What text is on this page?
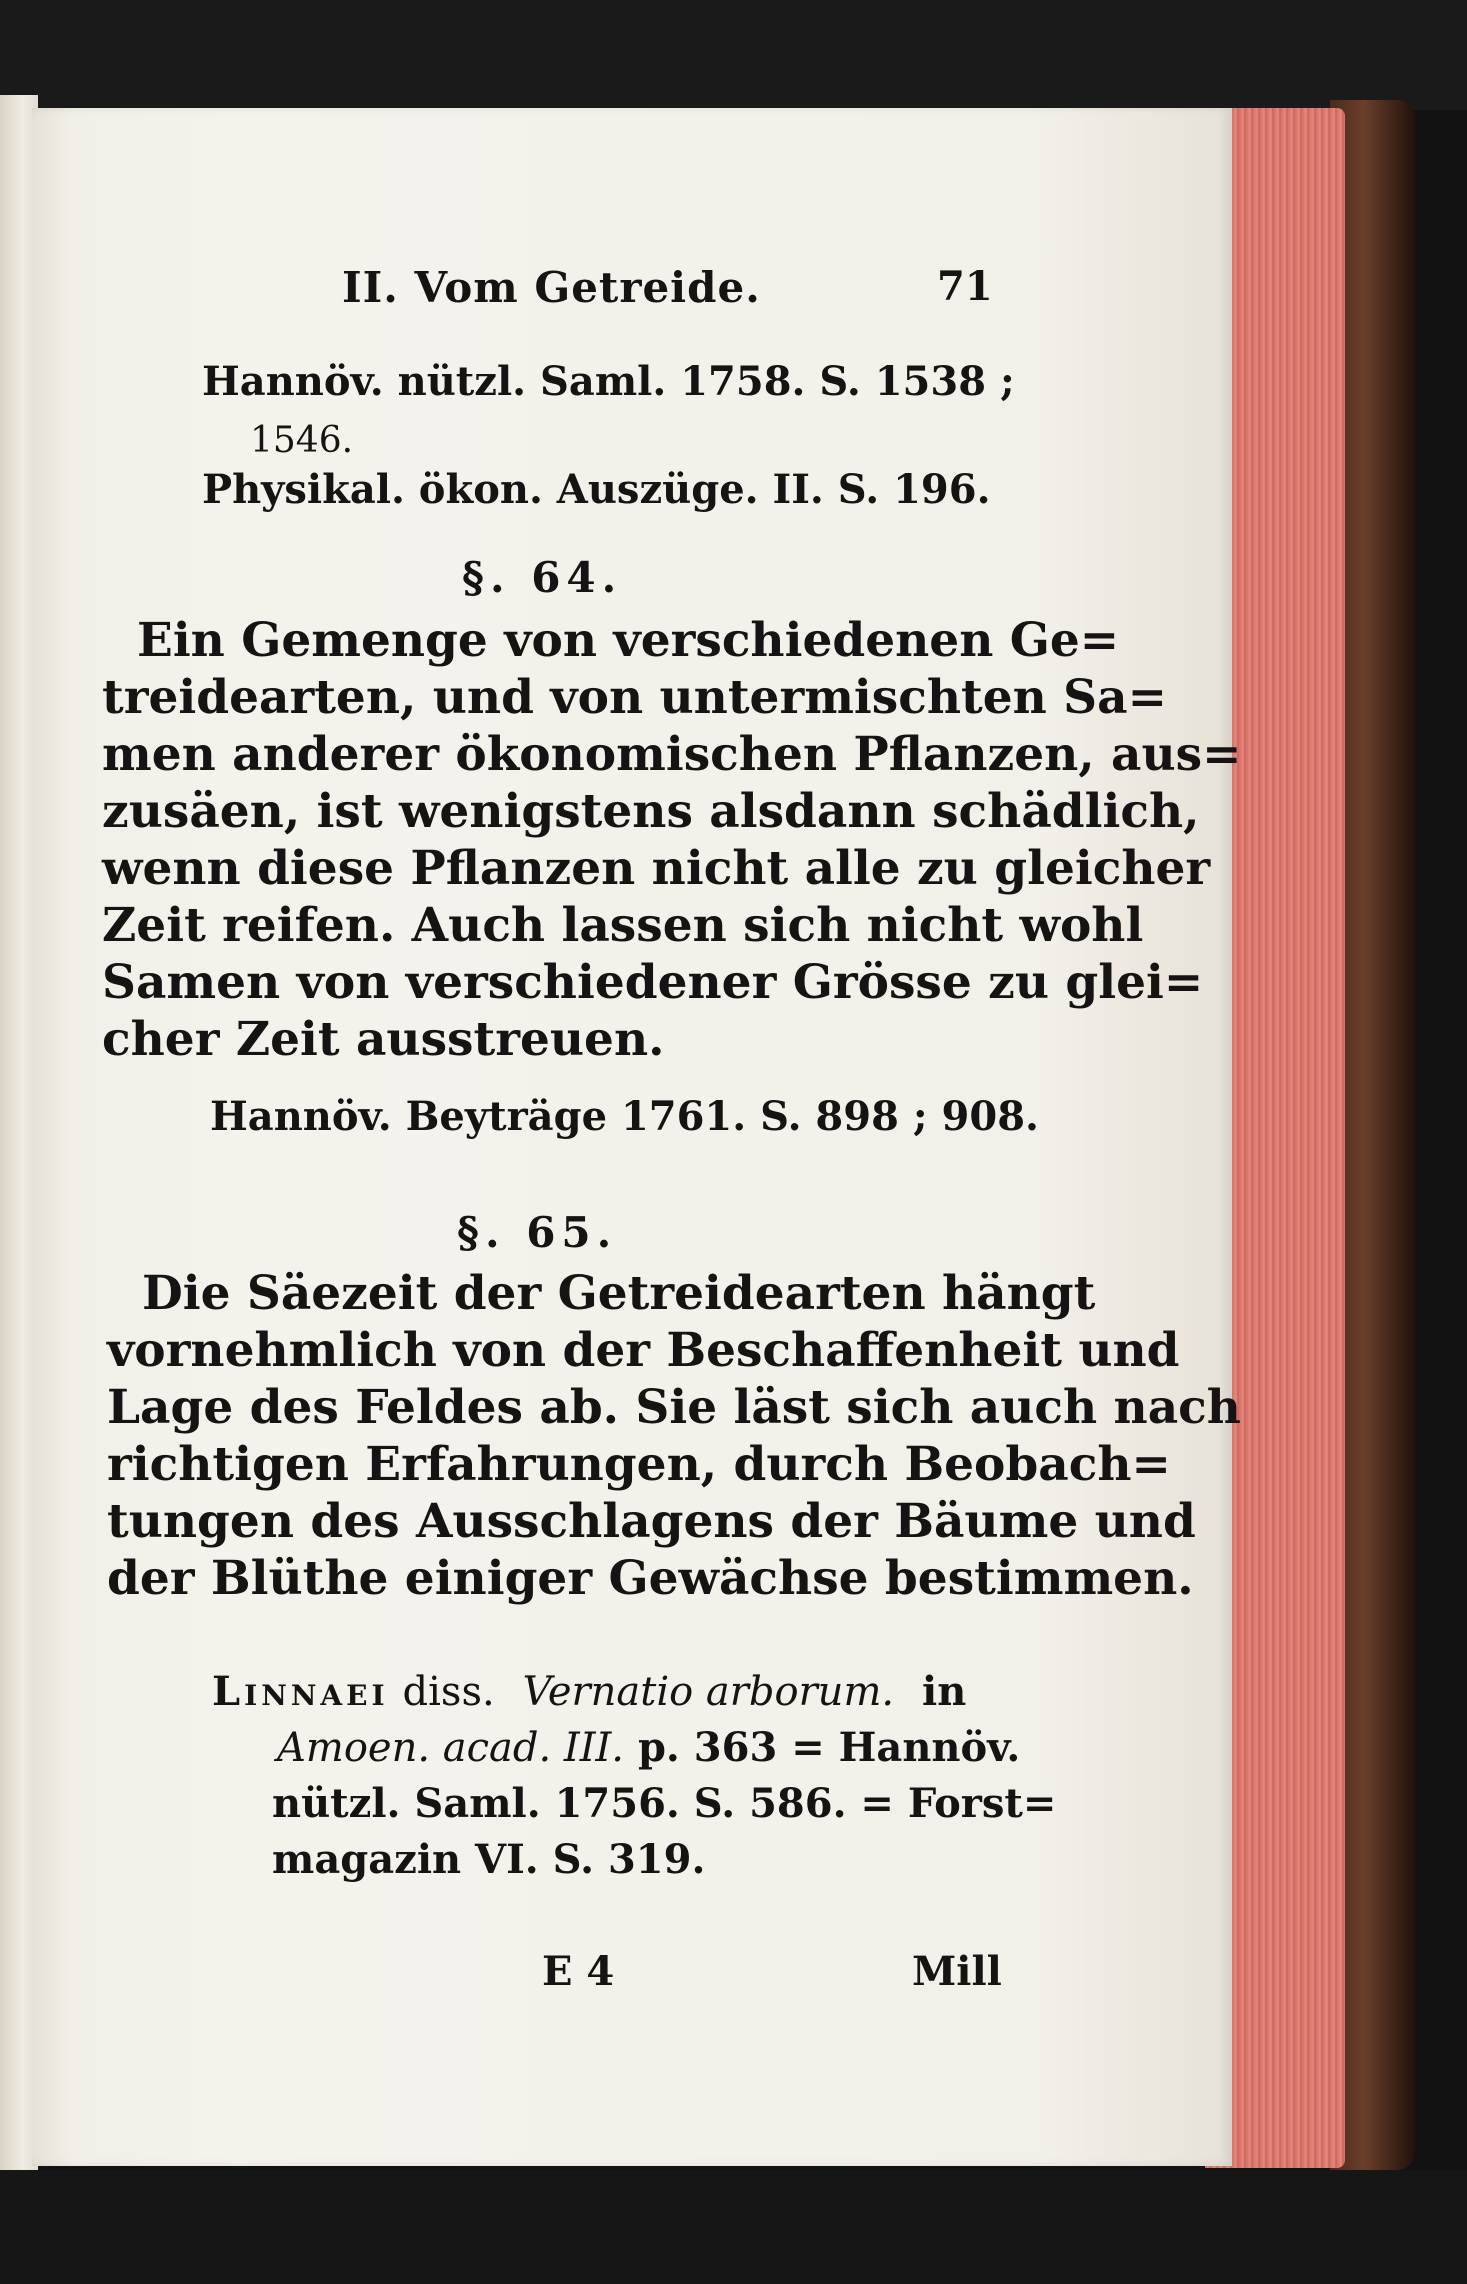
II. Vom Getreide.	71
Hannöv. nützl. Saml. 1758. S. 1538 ;
1546.
Physikal. ökon. Auszüge. II. S. 196.
§. 64.
Ein Gemenge von verschiedenen Ge=
treidearten, und von untermischten Sa=
men anderer ökonomischen Pflanzen, aus=
zusäen, ist wenigstens alsdann schädlich,
wenn diese Pflanzen nicht alle zu gleicher
Zeit reifen. Auch lassen sich nicht wohl
Samen von verschiedener Grösse zu glei=
cher Zeit ausstreuen.
Hannöv. Beyträge 1761. S. 898 ; 908.
§. 65.
Die Säezeit der Getreidearten hängt
vornehmlich von der Beschaffenheit und
Lage des Feldes ab. Sie läst sich auch nach
richtigen Erfahrungen, durch Beobach=
tungen des Ausschlagens der Bäume und
der Blüthe einiger Gewächse bestimmen.
Linnaei diss. Vernatio arborum. in
Amoen. acad. III. p. 363 = Hannöv.
nützl. Saml. 1756. S. 586. = Forst=
magazin VI. S. 319.
E 4	Mill
